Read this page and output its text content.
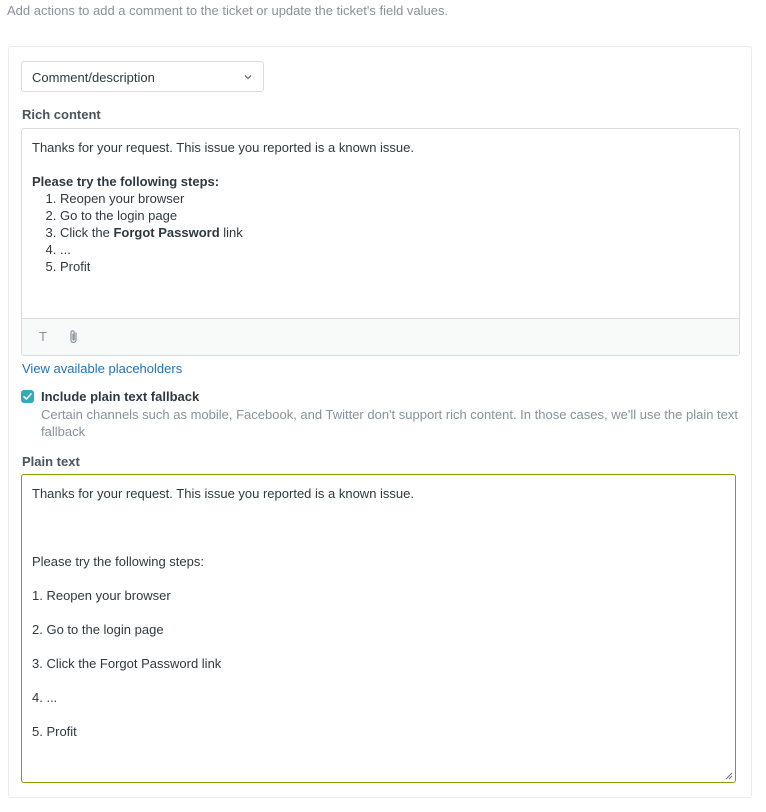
Add actions to add a comment to the ticket or update the ticket's field values.
Comment/description
Rich content

Thanks for your request. This issue you reported is a known issue.

Please try the following steps:

1. Reopen your browser
2. Go to the login page
3. Click the Forgot Password link
4. ...
5. Profit
T
View available placeholders
Include plain text fallback
Certain channels such as mobile, Facebook, and Twitter don't support rich content. In those cases, we'll use the plain text fallback
Plain text
Thanks for your request. This issue you reported is a known issue.
Please try the following steps:
1. Reopen your browser
2. Go to the login page
3. Click the Forgot Password link
4. ...
5. Profit
